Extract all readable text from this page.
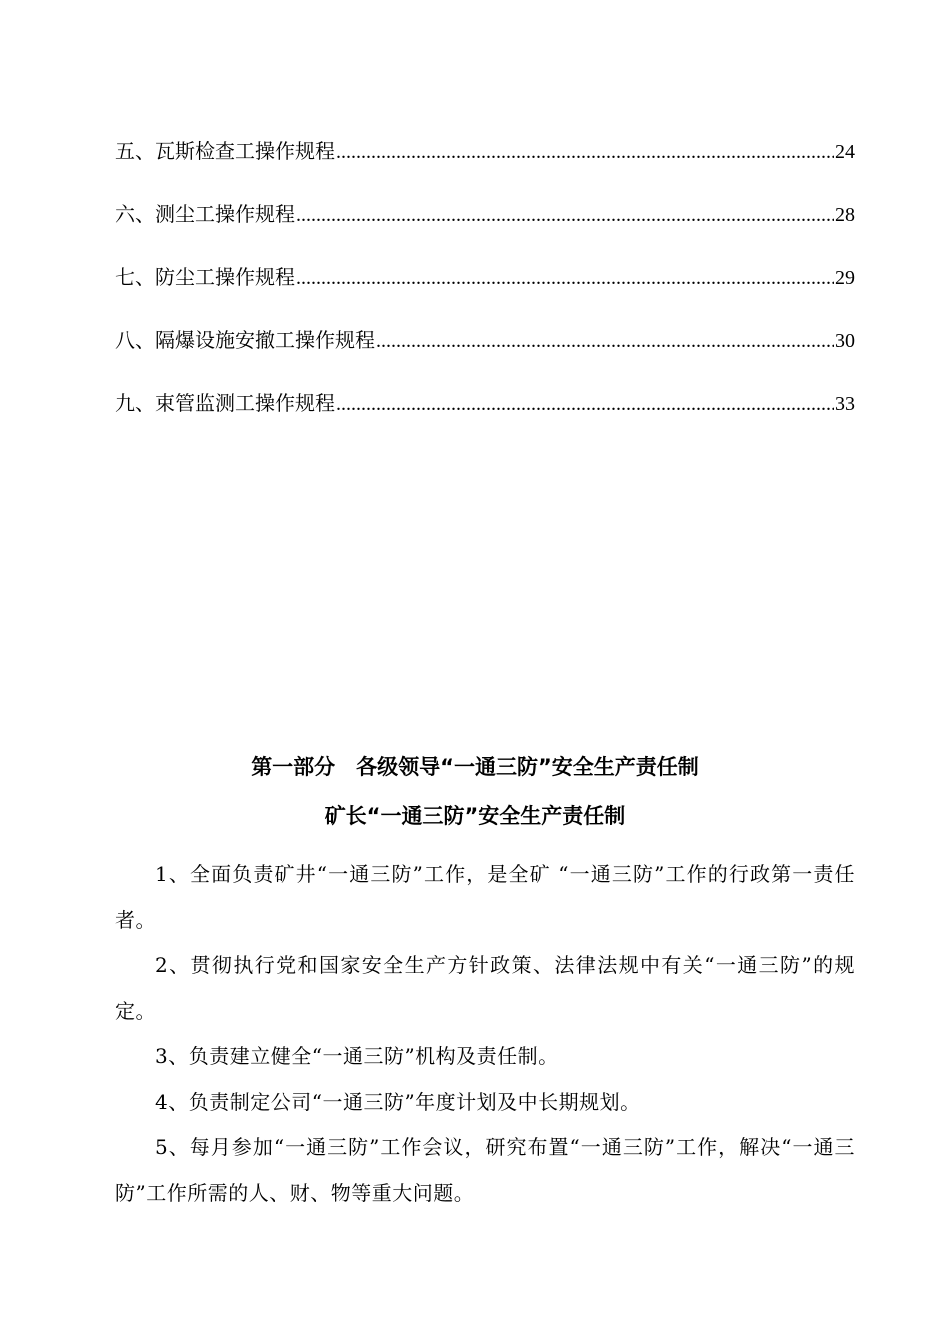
五、瓦斯检查工操作规程 .....	24
六、测尘工操作规程 .....	28
七、防尘工操作规程 .....	29
八、隔爆设施安撤工操作规程 .....	30
九、束管监测工操作规程 .....	33
第一部分　各级领导“一通三防”安全生产责任制
矿长“一通三防”安全生产责任制

1、全面负责矿井“一通三防”工作，是全矿 “一通三防”工作的行政第一责任者。

2、贯彻执行党和国家安全生产方针政策、法律法规中有关“一通三防”的规定。

3、负责建立健全“一通三防”机构及责任制。

4、负责制定公司“一通三防”年度计划及中长期规划。

5、每月参加“一通三防”工作会议，研究布置“一通三防”工作，解决“一通三防”工作所需的人、财、物等重大问题。
